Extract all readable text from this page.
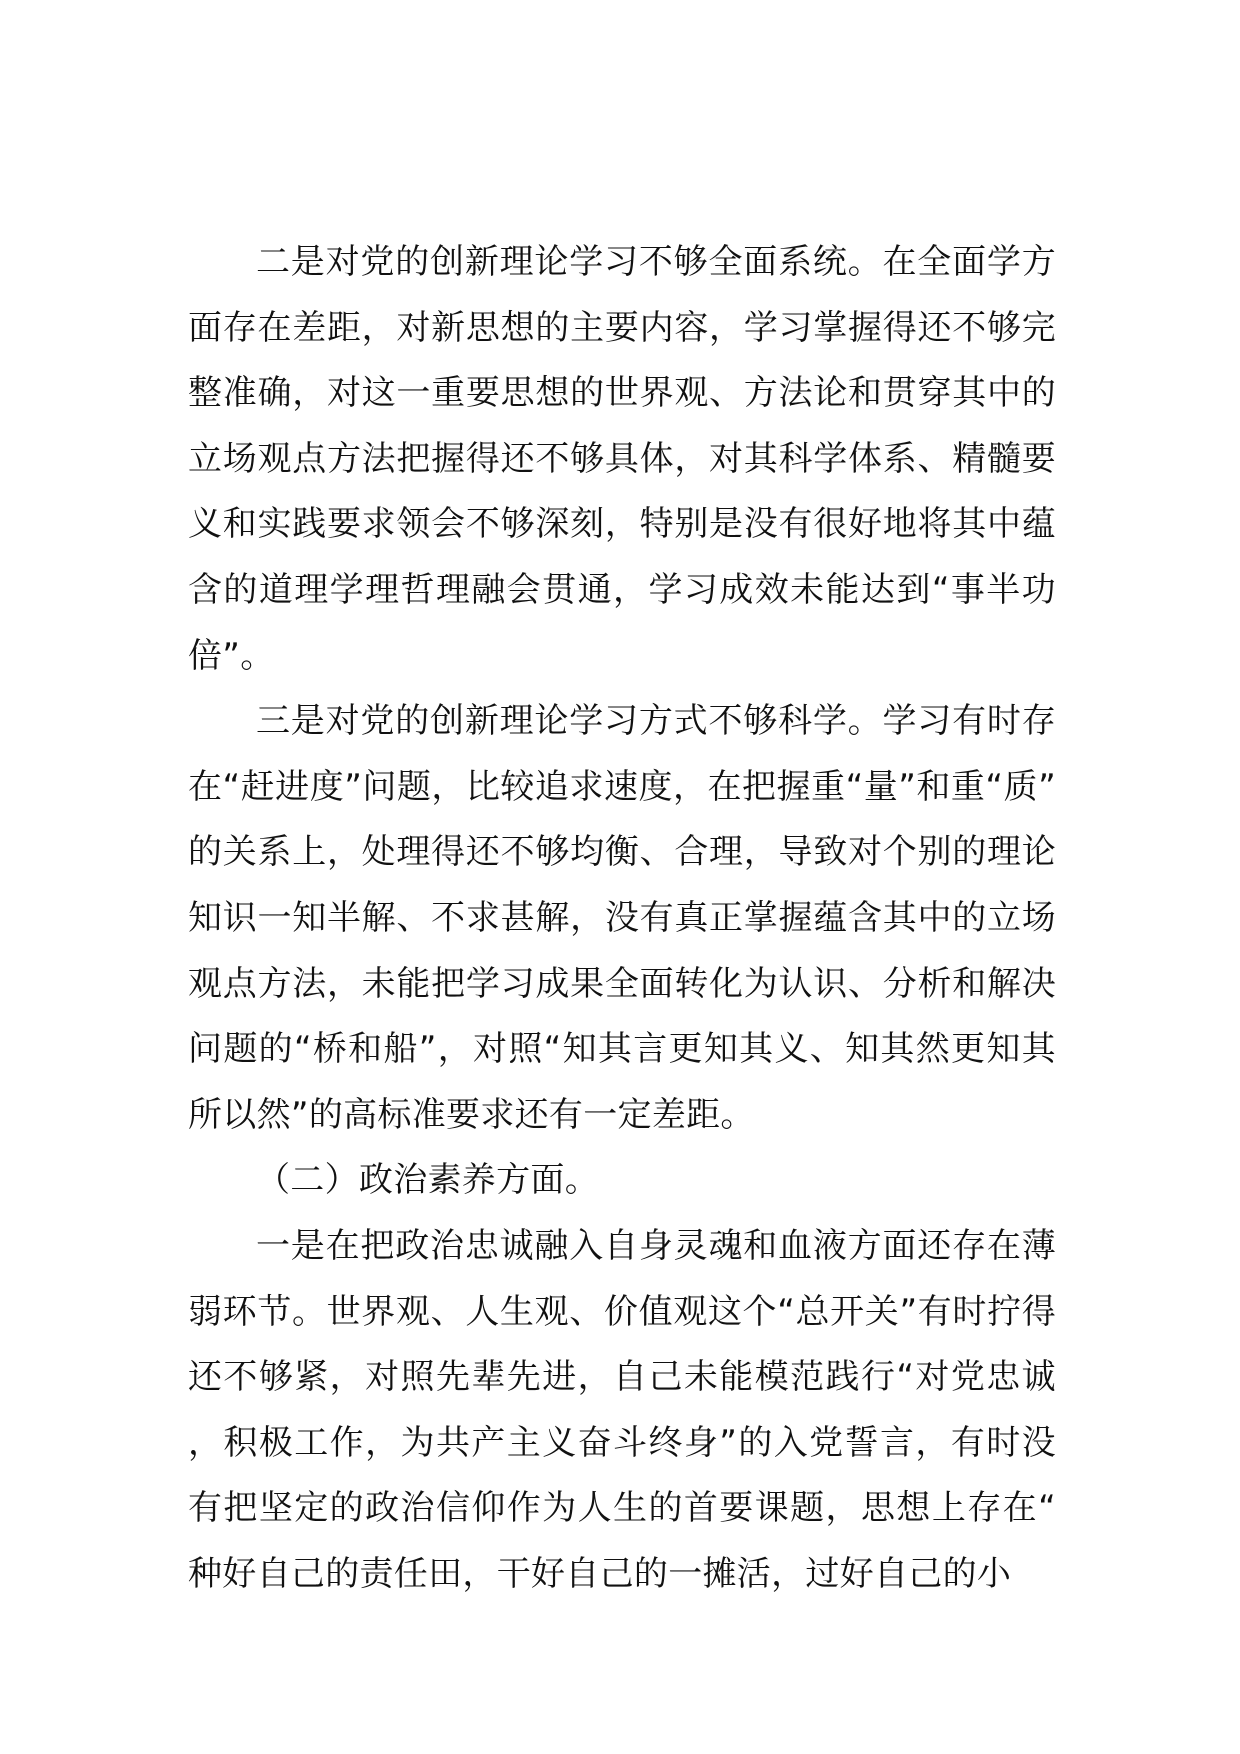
二是对党的创新理论学习不够全面系统。在全面学方面存在差距，对新思想的主要内容，学习掌握得还不够完整准确，对这一重要思想的世界观、方法论和贯穿其中的立场观点方法把握得还不够具体，对其科学体系、精髓要义和实践要求领会不够深刻，特别是没有很好地将其中蕴含的道理学理哲理融会贯通，学习成效未能达到“事半功倍”。

三是对党的创新理论学习方式不够科学。学习有时存在“赶进度”问题，比较追求速度，在把握重“量”和重“质”的关系上，处理得还不够均衡、合理，导致对个别的理论知识一知半解、不求甚解，没有真正掌握蕴含其中的立场观点方法，未能把学习成果全面转化为认识、分析和解决问题的“桥和船”，对照“知其言更知其义、知其然更知其所以然”的高标准要求还有一定差距。

（二）政治素养方面。

一是在把政治忠诚融入自身灵魂和血液方面还存在薄弱环节。世界观、人生观、价值观这个“总开关”有时拧得还不够紧，对照先辈先进，自己未能模范践行“对党忠诚，积极工作，为共产主义奋斗终身”的入党誓言，有时没有把坚定的政治信仰作为人生的首要课题，思想上存在“种好自己的责任田，干好自己的一摊活，过好自己的小
